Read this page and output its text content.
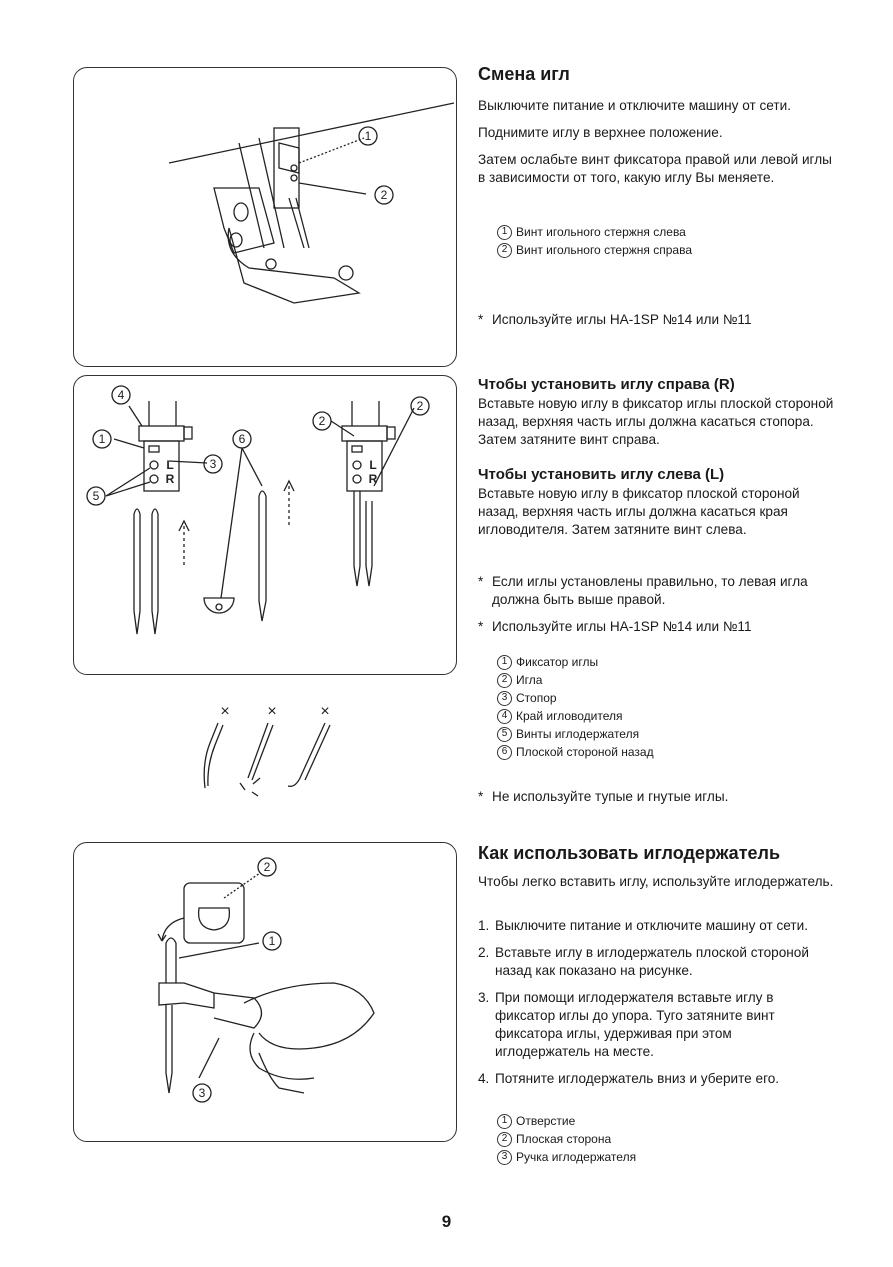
1
2
Смена игл

Выключите питание и отключите машину от сети.

Поднимите иглу в верхнее положение.

Затем ослабьте винт фиксатора правой или левой иглы в зависимости от того, какую иглу Вы меняете.

1 Винт игольного стержня слева
2 Винт игольного стержня справа

* Используйте иглы HA-1SP №14 или №11

4
1
3
5
6
2
2
L
R
L
R
× ×	×
Чтобы установить иглу справа (R)

Вставьте новую иглу в фиксатор иглы плоской стороной назад, верхняя часть иглы должна касаться стопора. Затем затяните винт справа.

Чтобы установить иглу слева (L)

Вставьте новую иглу в фиксатор плоской стороной назад, верхняя часть иглы должна касаться края игловодителя. Затем затяните винт слева.

* Если иглы установлены правильно, то левая игла должна быть выше правой.

* Используйте иглы HA-1SP №14 или №11

1 Фиксатор иглы
2 Игла
3 Стопор
4 Край игловодителя
5 Винты иглодержателя
6 Плоской стороной назад

* Не используйте тупые и гнутые иглы.

2
1
3
Как использовать иглодержатель

Чтобы легко вставить иглу, используйте иглодержатель.

1. Выключите питание и отключите машину от сети.
2. Вставьте иглу в иглодержатель плоской стороной назад как показано на рисунке.
3. При помощи иглодержателя вставьте иглу в фиксатор иглы до упора. Туго затяните винт фиксатора иглы, удерживая при этом иглодержатель на месте.
4. Потяните иглодержатель вниз и уберите его.
1 Отверстие
2 Плоская сторона
3 Ручка иглодержателя
9
